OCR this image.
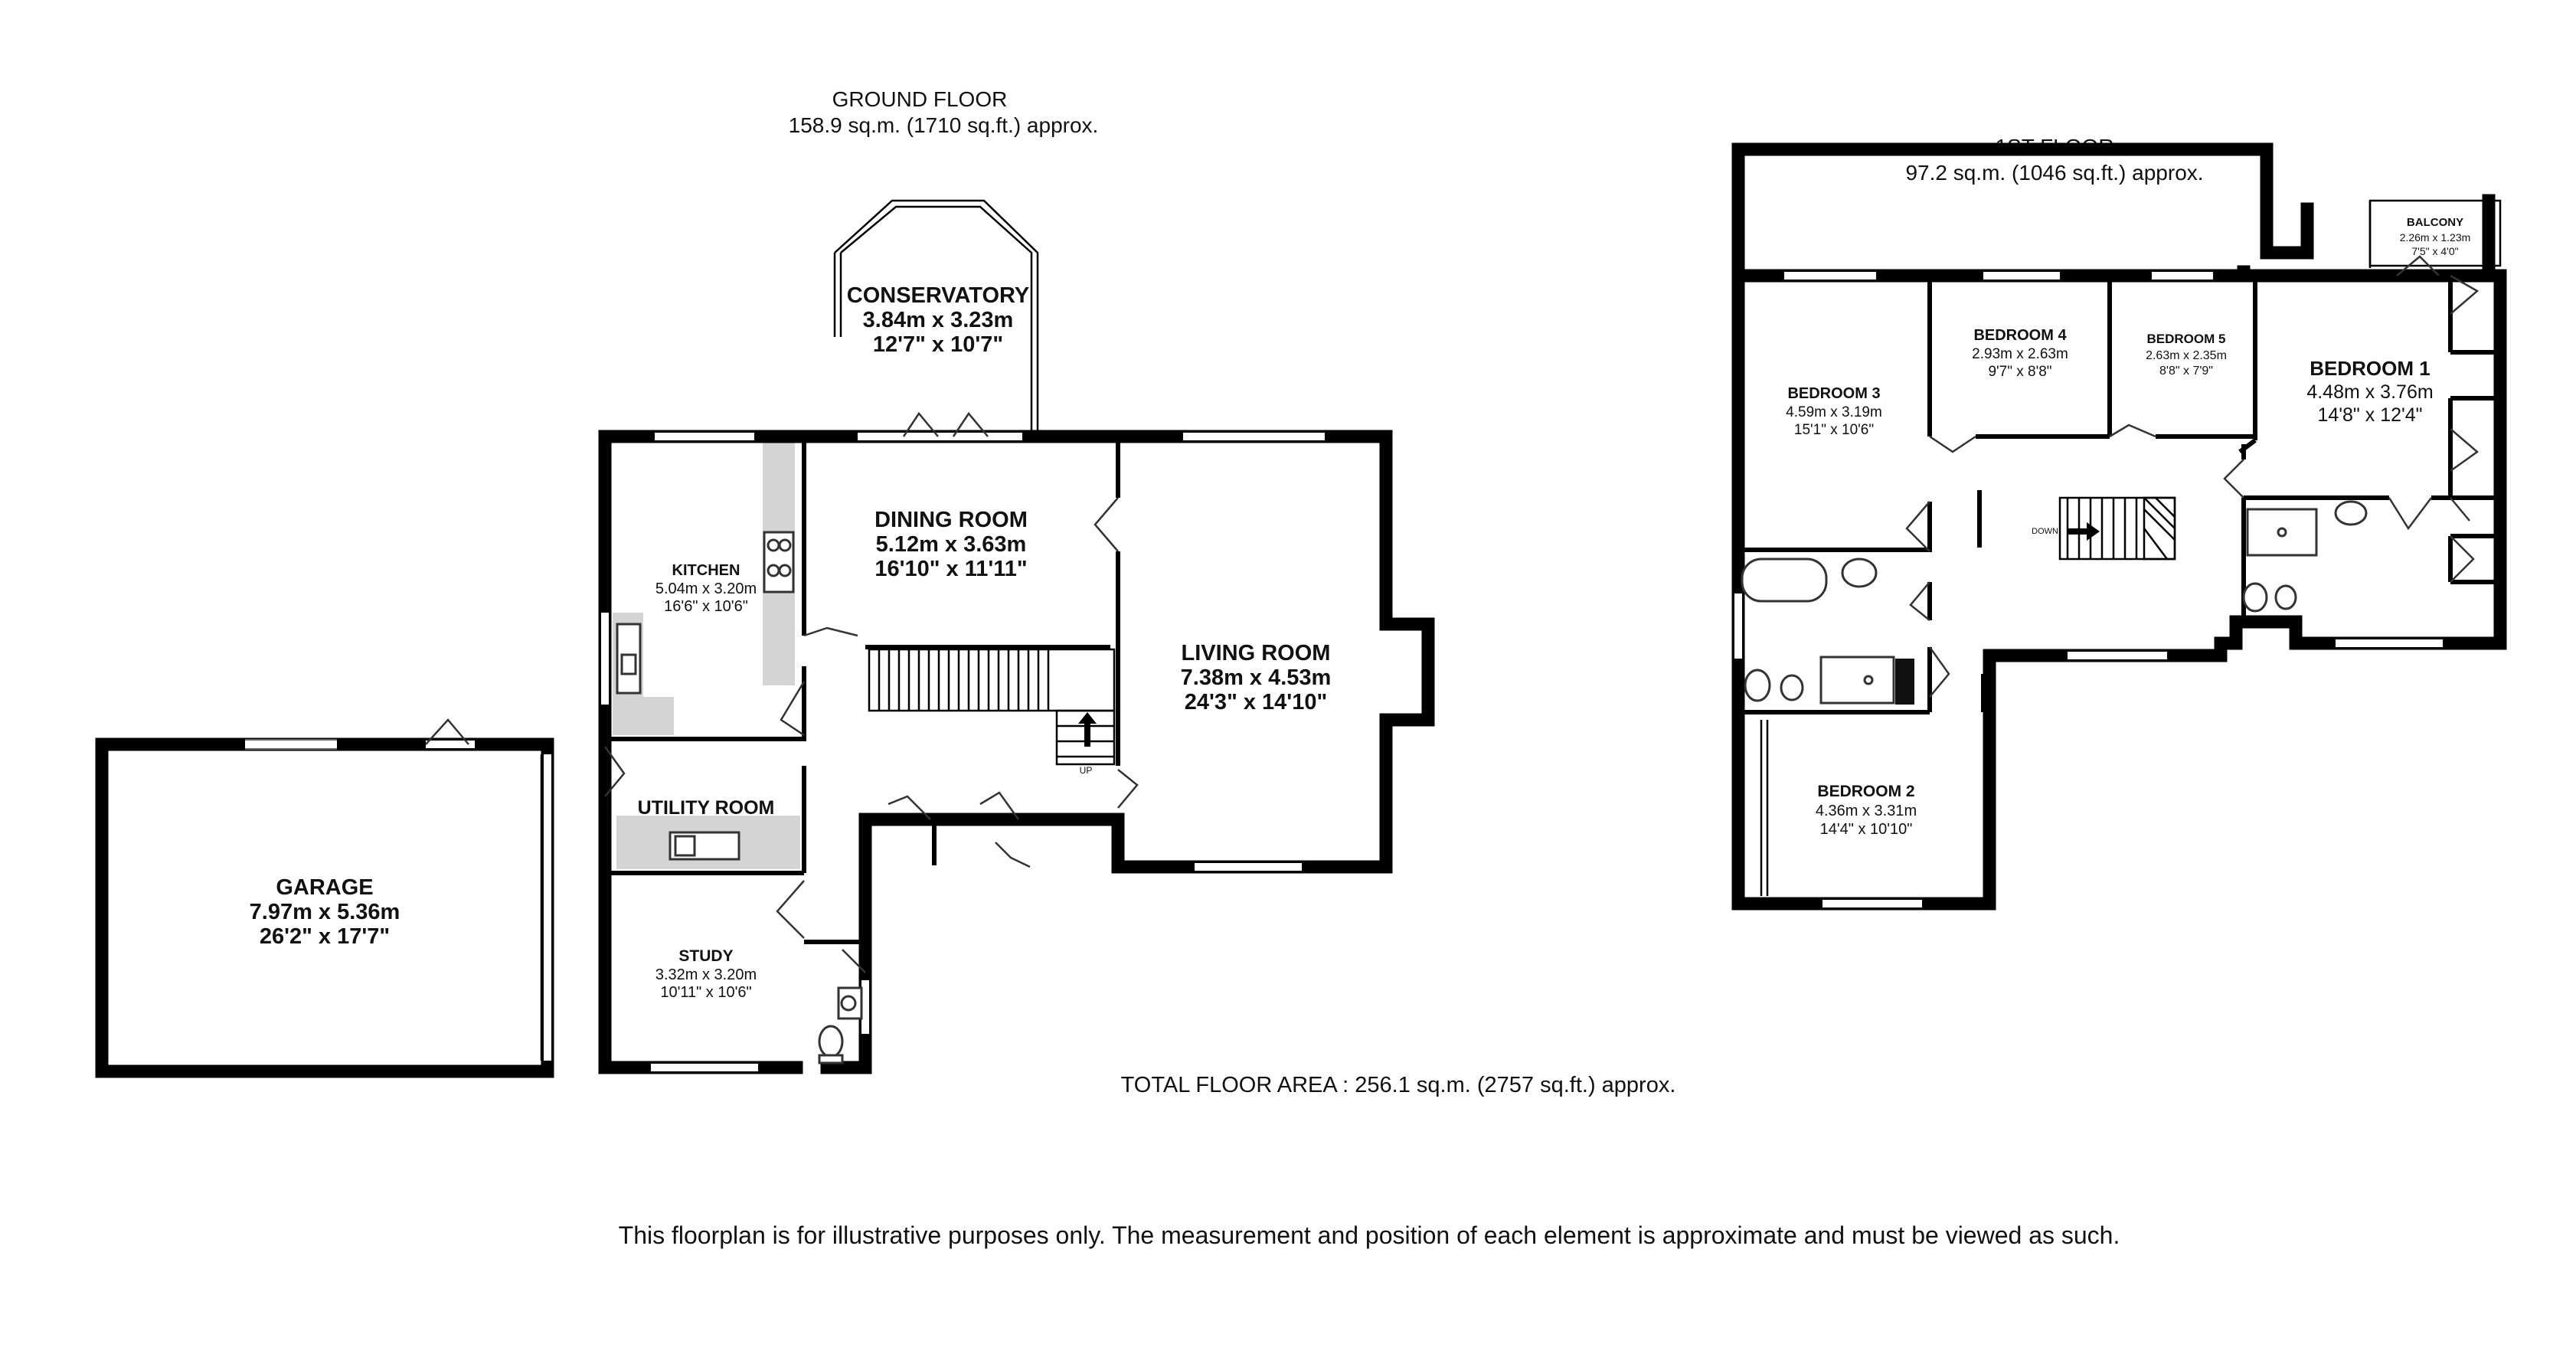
GROUND FLOOR
158.9 sq.m. (1710 sq.ft.) approx.
1ST FLOOR
97.2 sq.m. (1046 sq.ft.) approx.
GARAGE
7.97m x 5.36m
26'2" x 17'7"
UP
CONSERVATORY
3.84m x 3.23m
12'7" x 10'7"
DINING ROOM
5.12m x 3.63m
16'10" x 11'11"
KITCHEN
5.04m x 3.20m
16'6" x 10'6"
LIVING ROOM
7.38m x 4.53m
24'3" x 14'10"
UTILITY ROOM
STUDY
3.32m x 3.20m
10'11" x 10'6"
DOWN
BEDROOM 3
4.59m x 3.19m
15'1" x 10'6"
BEDROOM 4
2.93m x 2.63m
9'7" x 8'8"
BEDROOM 5
2.63m x 2.35m
8'8" x 7'9"	BEDROOM 1
4.48m x 3.76m
14'8" x 12'4"
BALCONY
2.26m x 1.23m
7'5" x 4'0"
BEDROOM 2
4.36m x 3.31m
14'4" x 10'10"
TOTAL FLOOR AREA : 256.1 sq.m. (2757 sq.ft.) approx.
This floorplan is for illustrative purposes only. The measurement and position of each element is approximate and must be viewed as such.
